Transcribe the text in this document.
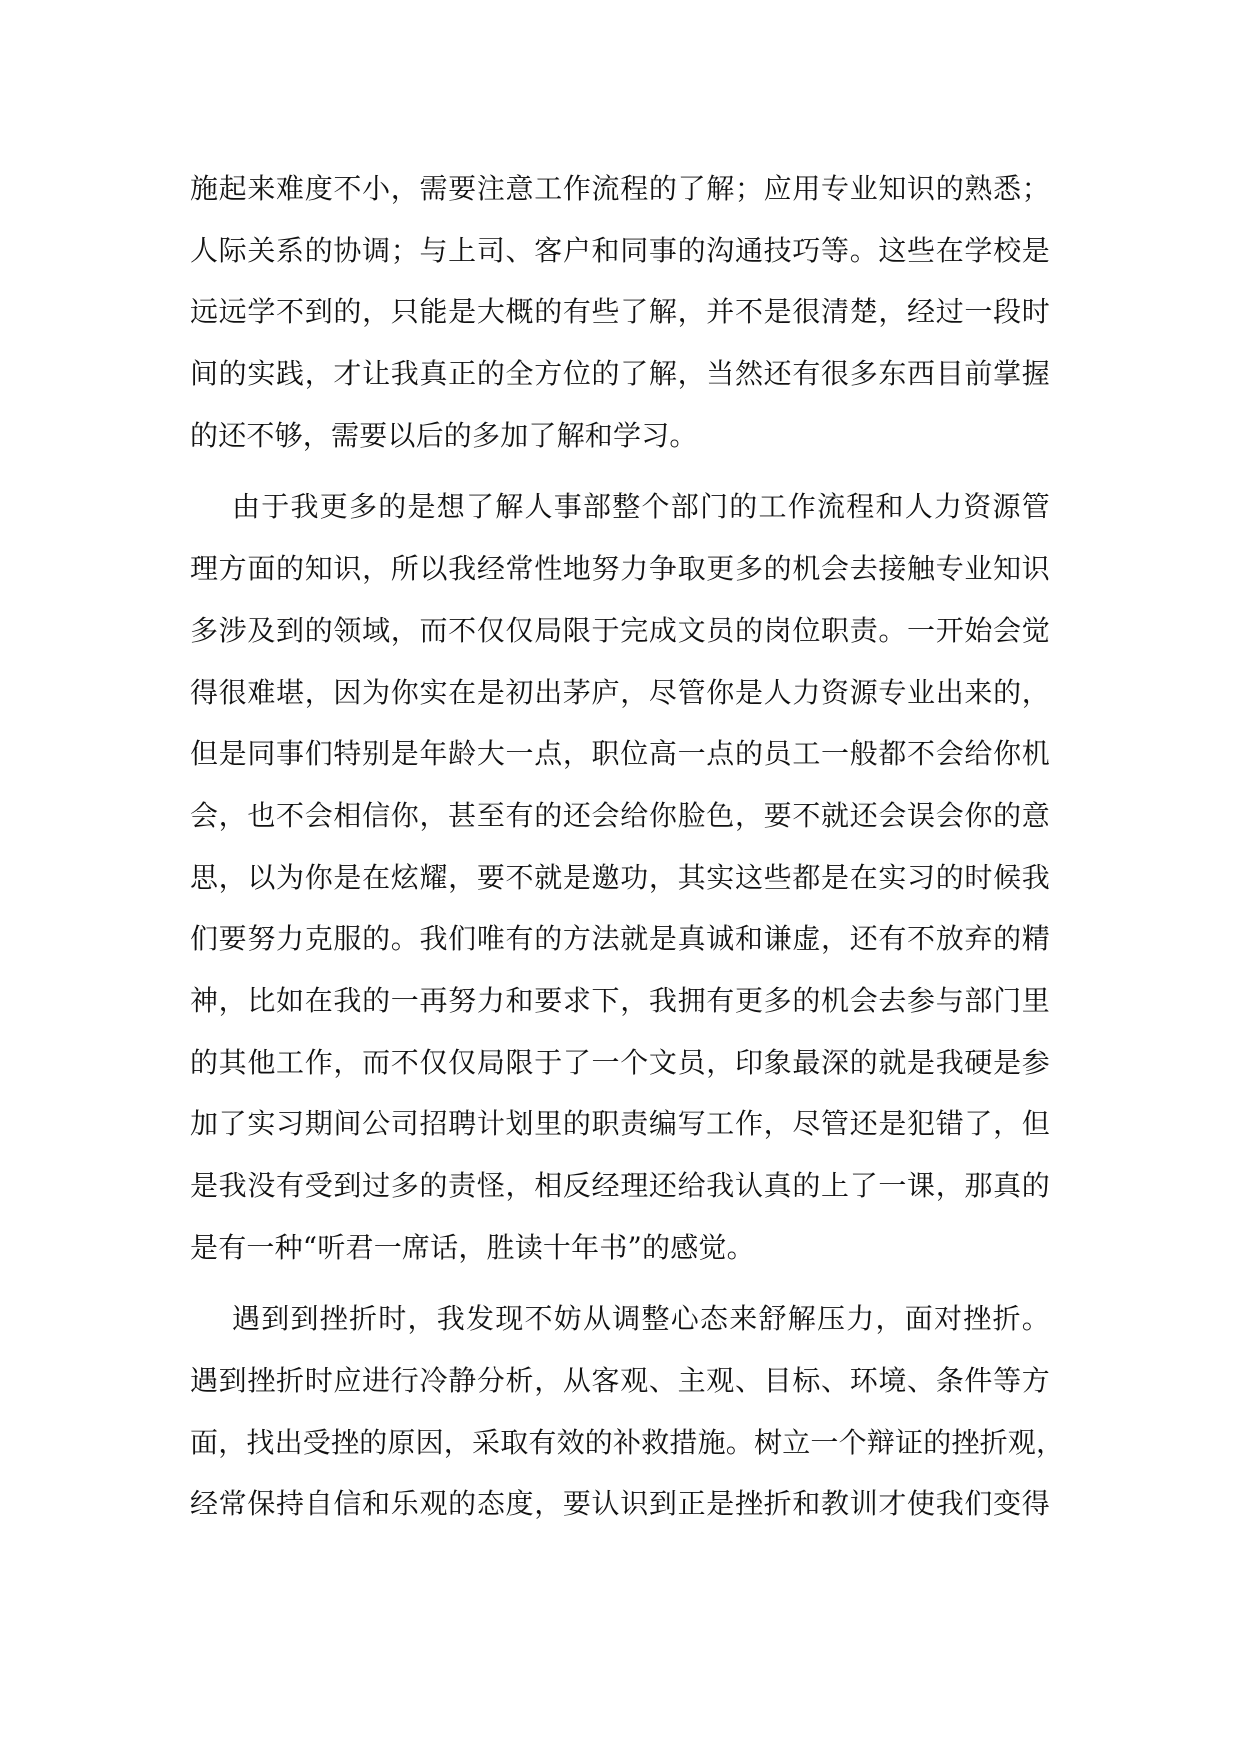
施起来难度不小，需要注意工作流程的了解；应用专业知识的熟悉；
人际关系的协调；与上司、客户和同事的沟通技巧等。这些在学校是
远远学不到的，只能是大概的有些了解，并不是很清楚，经过一段时
间的实践，才让我真正的全方位的了解，当然还有很多东西目前掌握
的还不够，需要以后的多加了解和学习。
由于我更多的是想了解人事部整个部门的工作流程和人力资源管
理方面的知识，所以我经常性地努力争取更多的机会去接触专业知识
多涉及到的领域，而不仅仅局限于完成文员的岗位职责。一开始会觉
得很难堪，因为你实在是初出茅庐，尽管你是人力资源专业出来的，
但是同事们特别是年龄大一点，职位高一点的员工一般都不会给你机
会，也不会相信你，甚至有的还会给你脸色，要不就还会误会你的意
思，以为你是在炫耀，要不就是邀功，其实这些都是在实习的时候我
们要努力克服的。我们唯有的方法就是真诚和谦虚，还有不放弃的精
神，比如在我的一再努力和要求下，我拥有更多的机会去参与部门里
的其他工作，而不仅仅局限于了一个文员，印象最深的就是我硬是参
加了实习期间公司招聘计划里的职责编写工作，尽管还是犯错了，但
是我没有受到过多的责怪，相反经理还给我认真的上了一课，那真的
是有一种“听君一席话，胜读十年书”的感觉。
遇到到挫折时，我发现不妨从调整心态来舒解压力，面对挫折。
遇到挫折时应进行冷静分析，从客观、主观、目标、环境、条件等方
面，找出受挫的原因，采取有效的补救措施。树立一个辩证的挫折观，
经常保持自信和乐观的态度，要认识到正是挫折和教训才使我们变得
